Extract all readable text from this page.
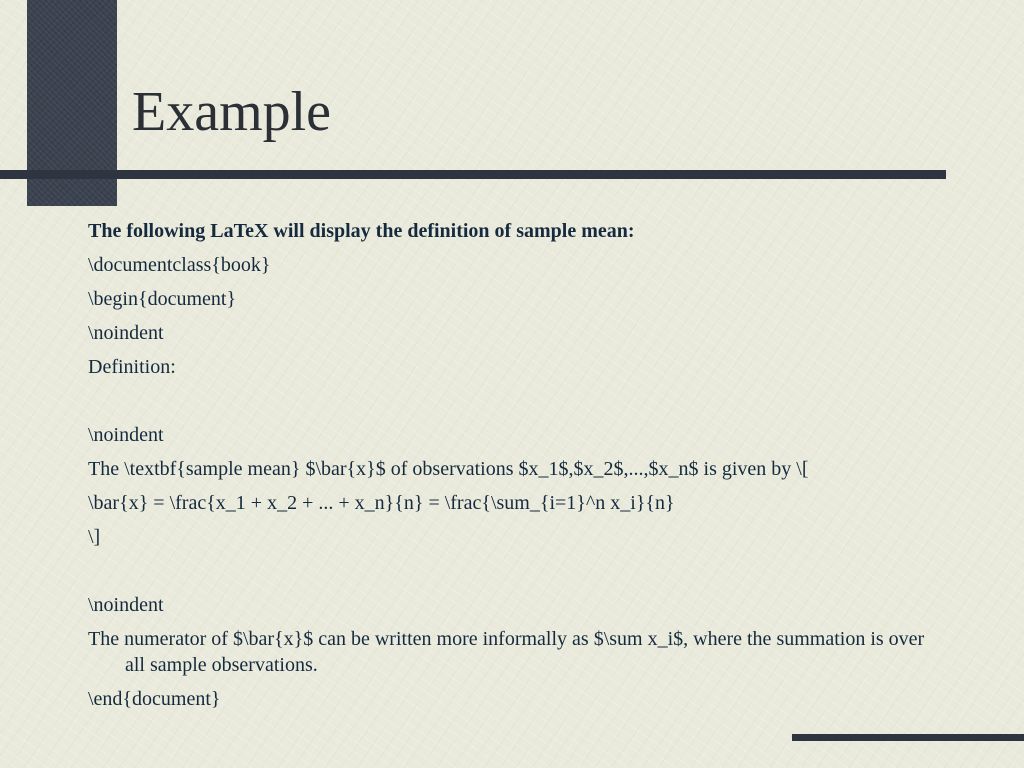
Example
The following LaTeX will display the definition of sample mean:
\documentclass{book}
\begin{document}
\noindent
Definition:
\noindent
The \textbf{sample mean} $\bar{x}$ of observations $x_1$,$x_2$,...,$x_n$ is given by \[
\bar{x} = \frac{x_1 + x_2 + ... + x_n}{n} = \frac{\sum_{i=1}^n x_i}{n}
\]
\noindent
The numerator of $\bar{x}$ can be written more informally as $\sum x_i$, where the summation is over all sample observations.
\end{document}
